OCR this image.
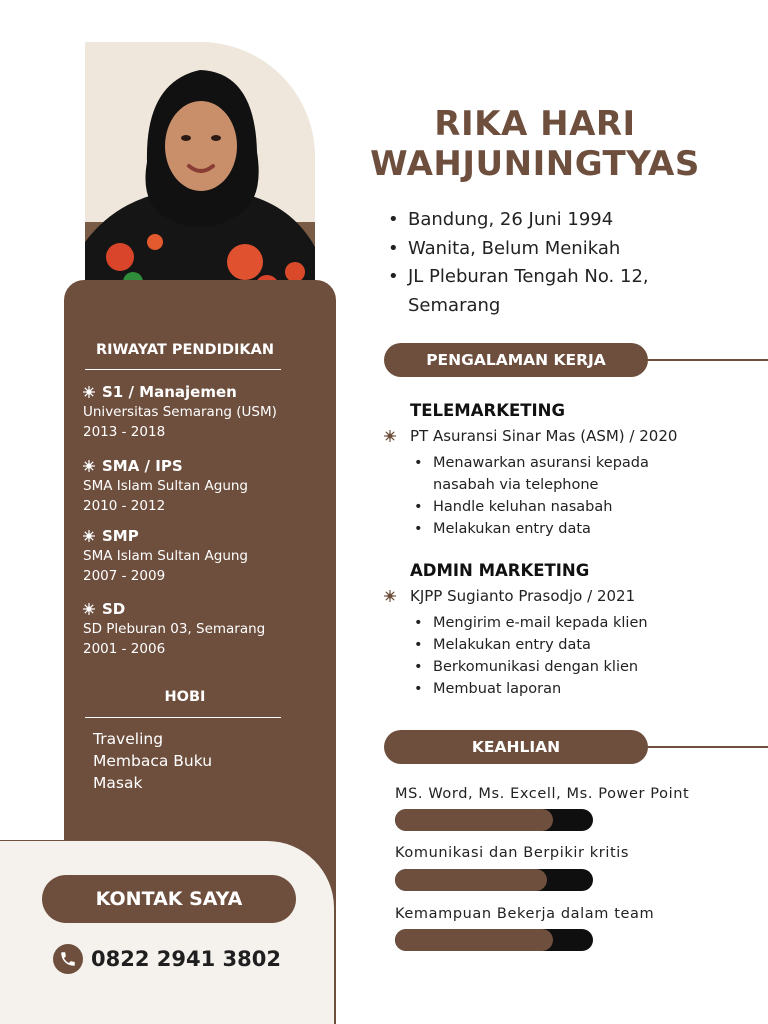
RIWAYAT PENDIDIKAN
S1 / Manajemen
Universitas Semarang (USM)
2013 - 2018
SMA / IPS
SMA Islam Sultan Agung
2010 - 2012
SMP
SMA Islam Sultan Agung
2007 - 2009
SD
SD Pleburan 03, Semarang
2001 - 2006
HOBI
Traveling
Membaca Buku
Masak
KONTAK SAYA
0822 2941 3802
RIKA HARI
WAHJUNINGTYAS
• Bandung, 26 Juni 1994
• Wanita, Belum Menikah
• JL Pleburan Tengah No. 12,
Semarang
PENGALAMAN KERJA
TELEMARKETING
PT Asuransi Sinar Mas (ASM) / 2020
• Menawarkan asuransi kepada
nasabah via telephone
• Handle keluhan nasabah
• Melakukan entry data
ADMIN MARKETING
KJPP Sugianto Prasodjo / 2021
• Mengirim e-mail kepada klien
• Melakukan entry data
• Berkomunikasi dengan klien
• Membuat laporan
KEAHLIAN
MS. Word, Ms. Excell, Ms. Power Point
Komunikasi dan Berpikir kritis
Kemampuan Bekerja dalam team
